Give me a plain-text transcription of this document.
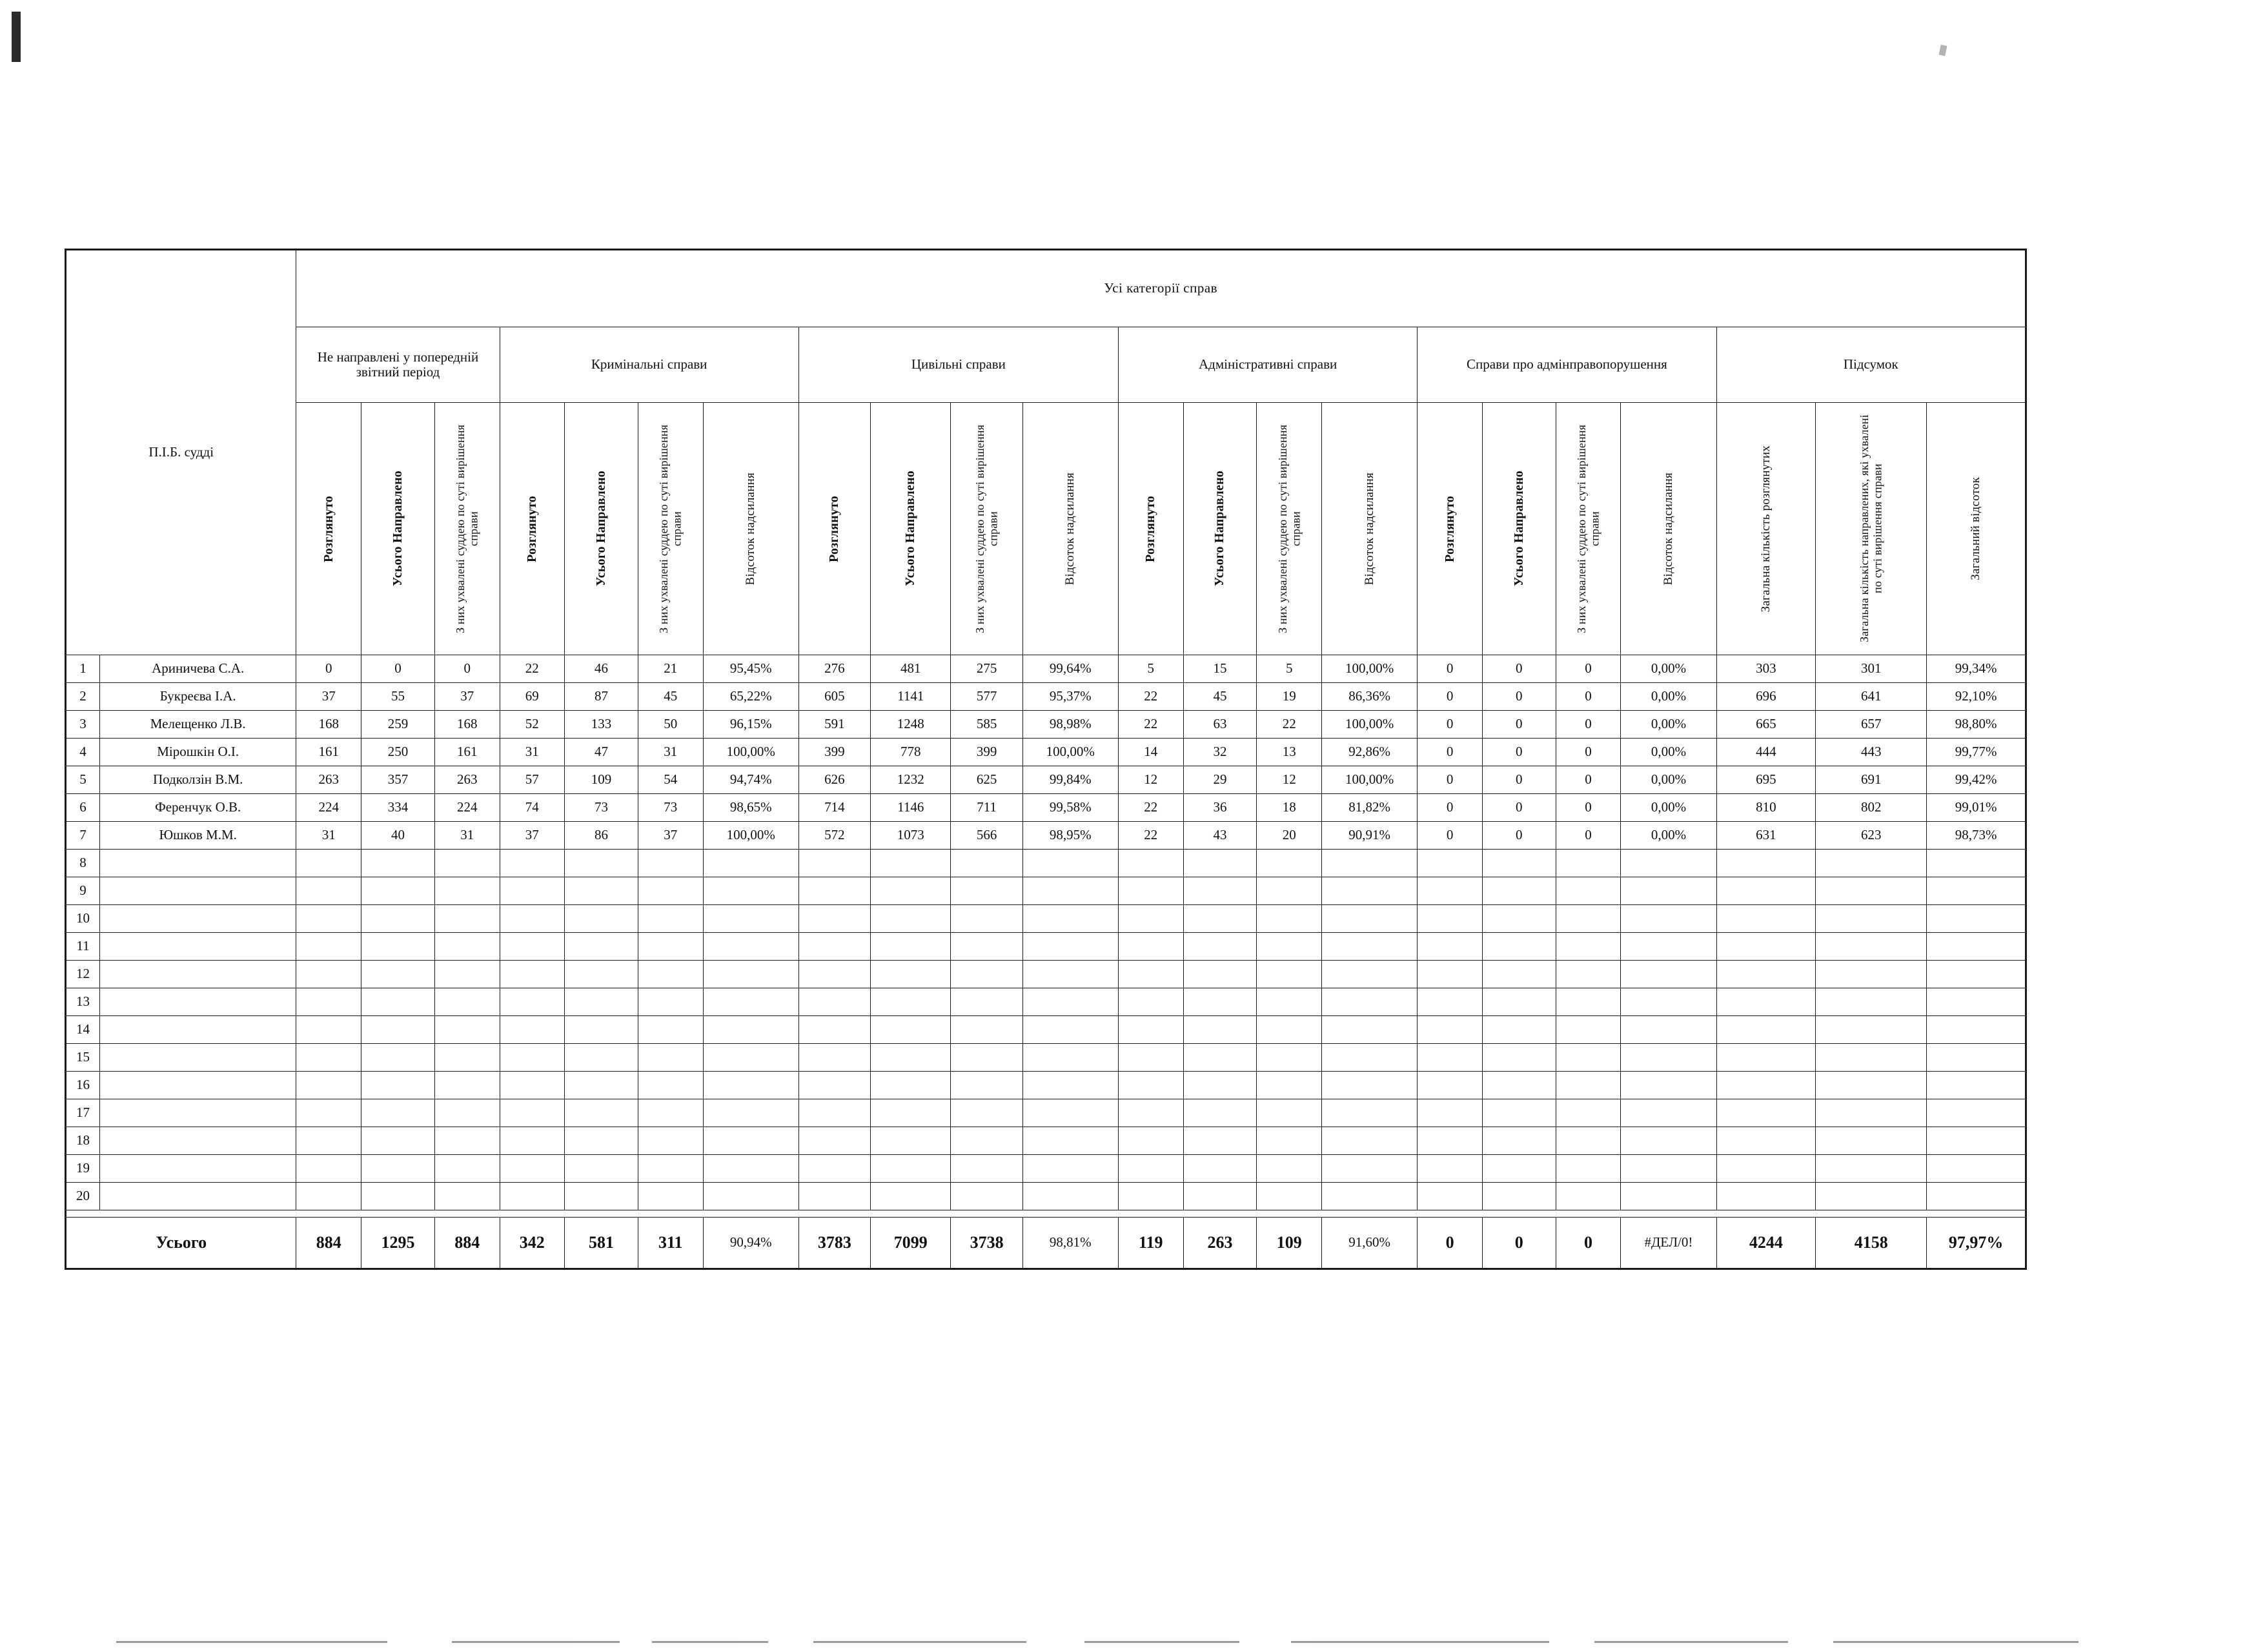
П.І.Б. судді		Усі категорії справ																					
		Не направлені у попередній звітний період			Кримінальні справи				Цивільні справи				Адміністративні справи				Справи про адмінправопорушення				Підсумок		

		Розглянуто	Усього Направлено	З них ухвалені суддею по суті вирішення справи	Розглянуто	Усього Направлено	З них ухвалені суддею по суті вирішення справи	Відсоток надсилання	Розглянуто	Усього Направлено	З них ухвалені суддею по суті вирішення справи	Відсоток надсилання	Розглянуто	Усього Направлено	З них ухвалені суддею по суті вирішення справи	Відсоток надсилання	Розглянуто	Усього Направлено	З них ухвалені суддею по суті вирішення справи	Відсоток надсилання	Загальна кількість розглянутих	Загальна кількість направлених, які ухвалені по суті вирішення справи	Загальний відсоток

1	Ариничева С.А.	0	0	0	22	46	21	95,45%	276	481	275	99,64%	5	15	5	100,00%	0	0	0	0,00%	303	301	99,34%
2	Букреєва І.А.	37	55	37	69	87	45	65,22%	605	1141	577	95,37%	22	45	19	86,36%	0	0	0	0,00%	696	641	92,10%
3	Мелещенко Л.В.	168	259	168	52	133	50	96,15%	591	1248	585	98,98%	22	63	22	100,00%	0	0	0	0,00%	665	657	98,80%
4	Мірошкін О.І.	161	250	161	31	47	31	100,00%	399	778	399	100,00%	14	32	13	92,86%	0	0	0	0,00%	444	443	99,77%
5	Подколзін В.М.	263	357	263	57	109	54	94,74%	626	1232	625	99,84%	12	29	12	100,00%	0	0	0	0,00%	695	691	99,42%
6	Ференчук О.В.	224	334	224	74	73	73	98,65%	714	1146	711	99,58%	22	36	18	81,82%	0	0	0	0,00%	810	802	99,01%
7	Юшков М.М.	31	40	31	37	86	37	100,00%	572	1073	566	98,95%	22	43	20	90,91%	0	0	0	0,00%	631	623	98,73%
8																							
9																							
10																							
11																							
12																							
13																							
14																							
15																							
16																							
17																							
18																							
19																							
20																							

Усього		884	1295	884	342	581	311	90,94%	3783	7099	3738	98,81%	119	263	109	91,60%	0	0	0	#ДЕЛ/0!	4244	4158	97,97%
